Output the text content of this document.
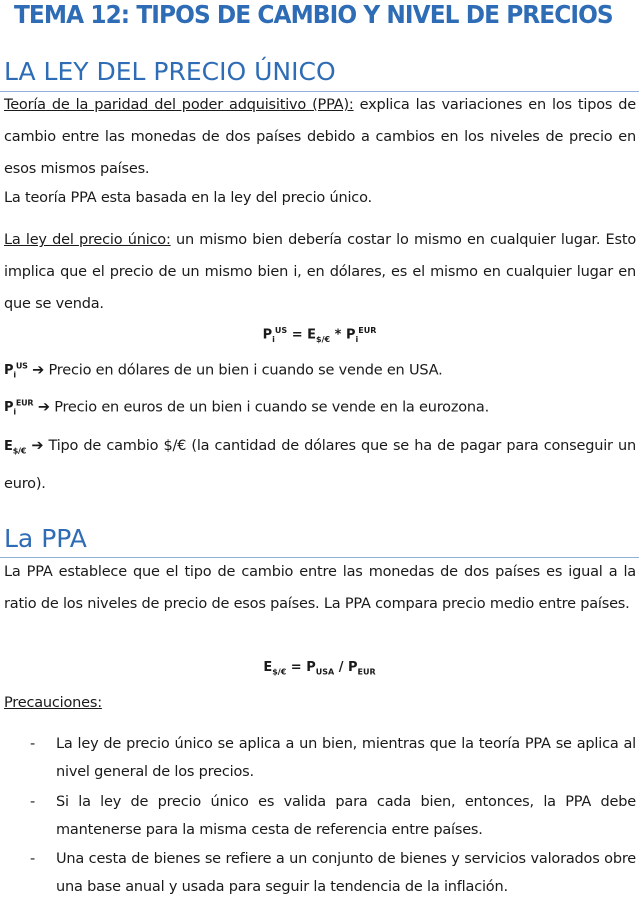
TEMA 12: TIPOS DE CAMBIO Y NIVEL DE PRECIOS
LA LEY DEL PRECIO ÚNICO
Teoría de la paridad del poder adquisitivo (PPA): explica las variaciones en los tipos de cambio entre las monedas de dos países debido a cambios en los niveles de precio en esos mismos países.
La teoría PPA esta basada en la ley del precio único.
La ley del precio único: un mismo bien debería costar lo mismo en cualquier lugar. Esto implica que el precio de un mismo bien i, en dólares, es el mismo en cualquier lugar en que se venda.
$P_i^{US} = E_{\$/€} * P_i^{EUR}$
$P_i^{US}$ ➔ Precio en dólares de un bien i cuando se vende en USA.
$P_i^{EUR}$ ➔ Precio en euros de un bien i cuando se vende en la eurozona.
$E_{\$/€}$ ➔ Tipo de cambio $/€ (la cantidad de dólares que se ha de pagar para conseguir un euro).
La PPA
La PPA establece que el tipo de cambio entre las monedas de dos países es igual a la ratio de los niveles de precio de esos países. La PPA compara precio medio entre países.
$E_{\$/€} = P_{USA} / P_{EUR}$
Precauciones:
- La ley de precio único se aplica a un bien, mientras que la teoría PPA se aplica al nivel general de los precios.
- Si la ley de precio único es valida para cada bien, entonces, la PPA debe mantenerse para la misma cesta de referencia entre países.
- Una cesta de bienes se refiere a un conjunto de bienes y servicios valorados obre una base anual y usada para seguir la tendencia de la inflación.
